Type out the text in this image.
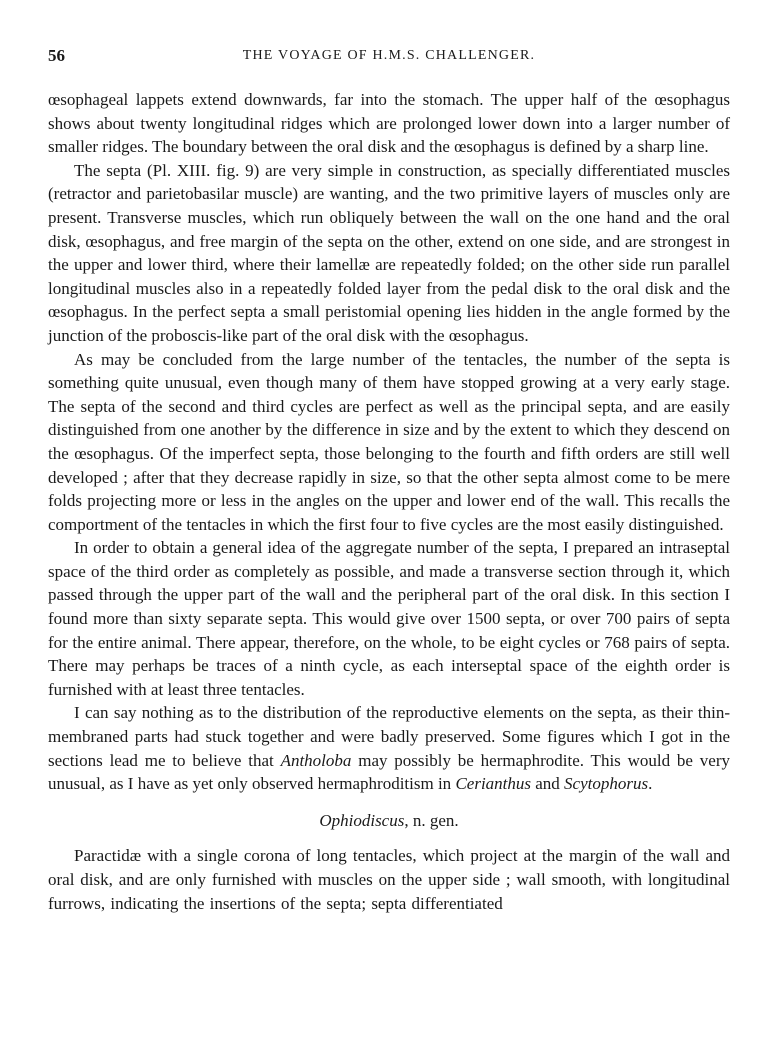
56	THE VOYAGE OF H.M.S. CHALLENGER.

œsophageal lappets extend downwards, far into the stomach. The upper half of the œsophagus shows about twenty longitudinal ridges which are prolonged lower down into a larger number of smaller ridges. The boundary between the oral disk and the œsophagus is defined by a sharp line.

The septa (Pl. XIII. fig. 9) are very simple in construction, as specially differentiated muscles (retractor and parietobasilar muscle) are wanting, and the two primitive layers of muscles only are present. Transverse muscles, which run obliquely between the wall on the one hand and the oral disk, œsophagus, and free margin of the septa on the other, extend on one side, and are strongest in the upper and lower third, where their lamellæ are repeatedly folded; on the other side run parallel longitudinal muscles also in a repeatedly folded layer from the pedal disk to the oral disk and the œsophagus. In the perfect septa a small peristomial opening lies hidden in the angle formed by the junction of the proboscis-like part of the oral disk with the œsophagus.

As may be concluded from the large number of the tentacles, the number of the septa is something quite unusual, even though many of them have stopped growing at a very early stage. The septa of the second and third cycles are perfect as well as the principal septa, and are easily distinguished from one another by the difference in size and by the extent to which they descend on the œsophagus. Of the imperfect septa, those belonging to the fourth and fifth orders are still well developed ; after that they decrease rapidly in size, so that the other septa almost come to be mere folds projecting more or less in the angles on the upper and lower end of the wall. This recalls the comportment of the tentacles in which the first four to five cycles are the most easily distinguished.

In order to obtain a general idea of the aggregate number of the septa, I prepared an intraseptal space of the third order as completely as possible, and made a transverse section through it, which passed through the upper part of the wall and the peripheral part of the oral disk. In this section I found more than sixty separate septa. This would give over 1500 septa, or over 700 pairs of septa for the entire animal. There appear, therefore, on the whole, to be eight cycles or 768 pairs of septa. There may perhaps be traces of a ninth cycle, as each interseptal space of the eighth order is furnished with at least three tentacles.

I can say nothing as to the distribution of the reproductive elements on the septa, as their thin-membraned parts had stuck together and were badly preserved. Some figures which I got in the sections lead me to believe that Antholoba may possibly be hermaphrodite. This would be very unusual, as I have as yet only observed hermaphroditism in Cerianthus and Scytophorus.

Ophiodiscus, n. gen.

Paractidæ with a single corona of long tentacles, which project at the margin of the wall and oral disk, and are only furnished with muscles on the upper side ; wall smooth, with longitudinal furrows, indicating the insertions of the septa; septa differentiated
